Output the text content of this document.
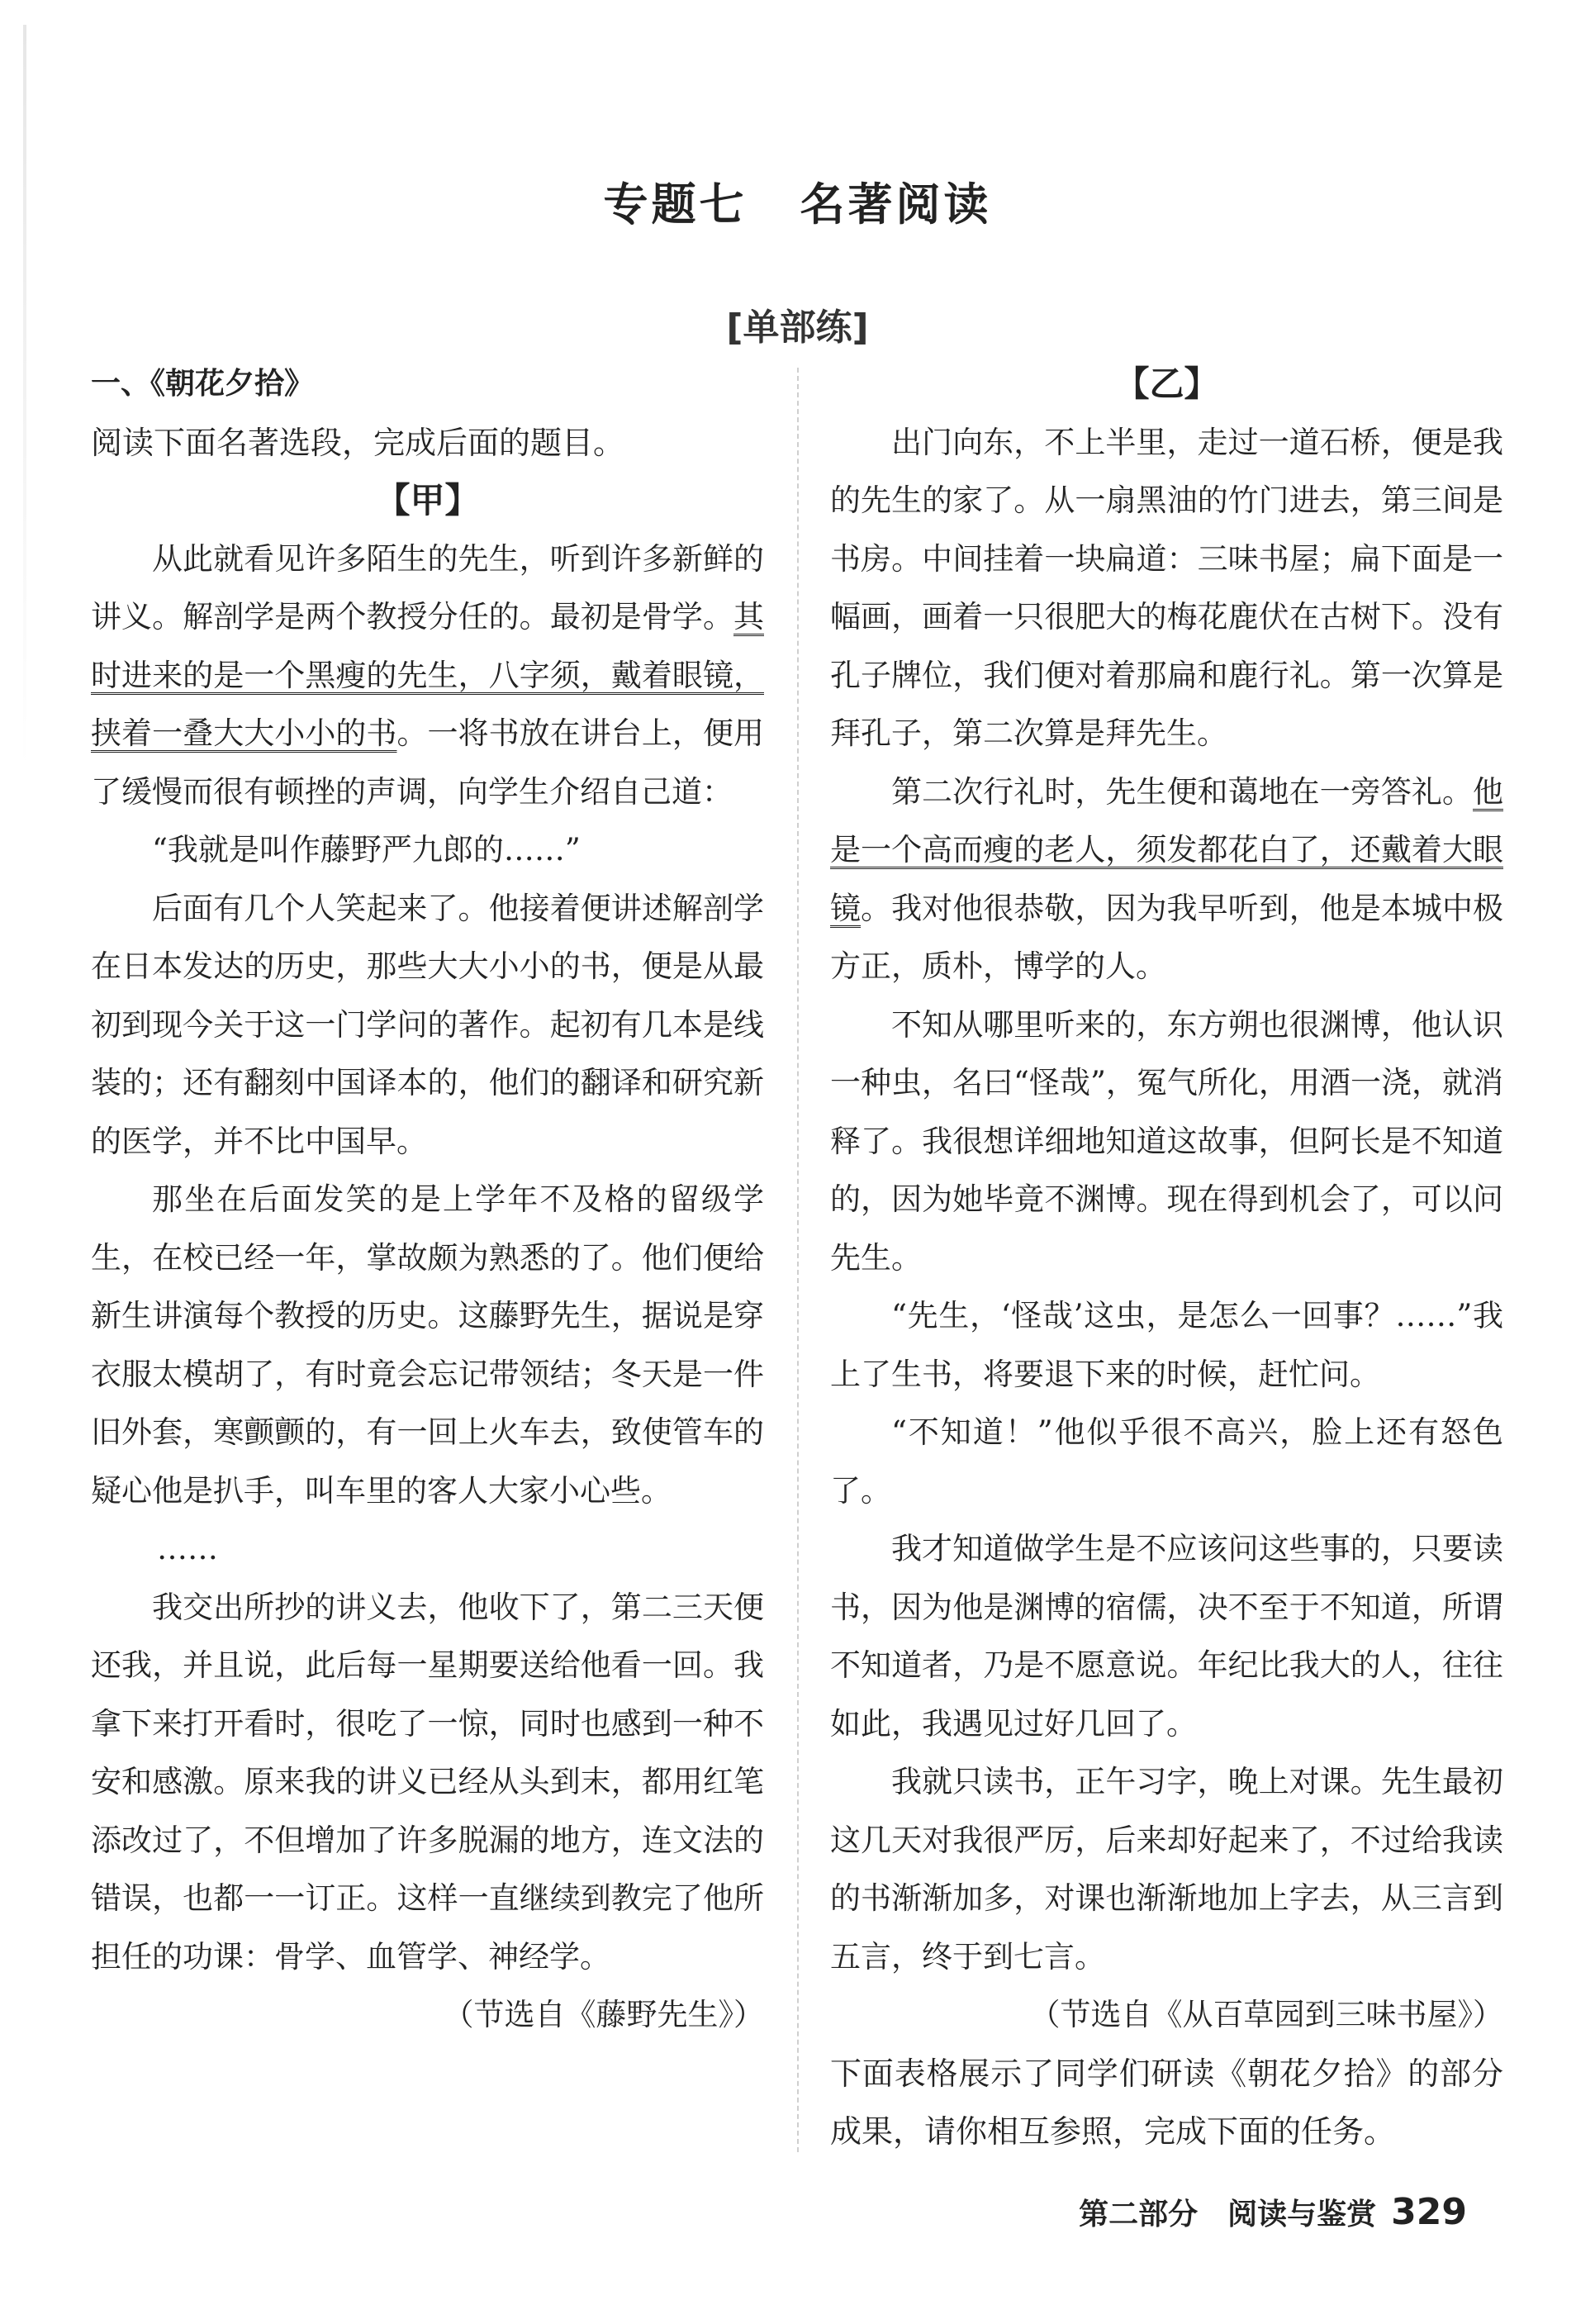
专题七 名著阅读
[单部练]

一、《朝花夕拾》

阅读下面名著选段，完成后面的题目。

【甲】

从此就看见许多陌生的先生，听到许多新鲜的讲义。解剖学是两个教授分任的。最初是骨学。其时进来的是一个黑瘦的先生，八字须，戴着眼镜，挟着一叠大大小小的书。一将书放在讲台上，便用了缓慢而很有顿挫的声调，向学生介绍自己道：

“我就是叫作藤野严九郎的……”

后面有几个人笑起来了。他接着便讲述解剖学在日本发达的历史，那些大大小小的书，便是从最初到现今关于这一门学问的著作。起初有几本是线装的；还有翻刻中国译本的，他们的翻译和研究新的医学，并不比中国早。

那坐在后面发笑的是上学年不及格的留级学生，在校已经一年，掌故颇为熟悉的了。他们便给新生讲演每个教授的历史。这藤野先生，据说是穿衣服太模胡了，有时竟会忘记带领结；冬天是一件旧外套，寒颤颤的，有一回上火车去，致使管车的疑心他是扒手，叫车里的客人大家小心些。

……

我交出所抄的讲义去，他收下了，第二三天便还我，并且说，此后每一星期要送给他看一回。我拿下来打开看时，很吃了一惊，同时也感到一种不安和感激。原来我的讲义已经从头到末，都用红笔添改过了，不但增加了许多脱漏的地方，连文法的错误，也都一一订正。这样一直继续到教完了他所担任的功课：骨学、血管学、神经学。

（节选自《藤野先生》）

【乙】

出门向东，不上半里，走过一道石桥，便是我的先生的家了。从一扇黑油的竹门进去，第三间是书房。中间挂着一块扁道：三味书屋；扁下面是一幅画，画着一只很肥大的梅花鹿伏在古树下。没有孔子牌位，我们便对着那扁和鹿行礼。第一次算是拜孔子，第二次算是拜先生。

第二次行礼时，先生便和蔼地在一旁答礼。他是一个高而瘦的老人，须发都花白了，还戴着大眼镜。我对他很恭敬，因为我早听到，他是本城中极方正，质朴，博学的人。

不知从哪里听来的，东方朔也很渊博，他认识一种虫，名曰“怪哉”，冤气所化，用酒一浇，就消释了。我很想详细地知道这故事，但阿长是不知道的，因为她毕竟不渊博。现在得到机会了，可以问先生。

“先生，‘怪哉’这虫，是怎么一回事？……”我上了生书，将要退下来的时候，赶忙问。

“不知道！”他似乎很不高兴，脸上还有怒色了。

我才知道做学生是不应该问这些事的，只要读书，因为他是渊博的宿儒，决不至于不知道，所谓不知道者，乃是不愿意说。年纪比我大的人，往往如此，我遇见过好几回了。

我就只读书，正午习字，晚上对课。先生最初这几天对我很严厉，后来却好起来了，不过给我读的书渐渐加多，对课也渐渐地加上字去，从三言到五言，终于到七言。

（节选自《从百草园到三味书屋》）

下面表格展示了同学们研读《朝花夕拾》的部分成果，请你相互参照，完成下面的任务。

第二部分　阅读与鉴赏 329
